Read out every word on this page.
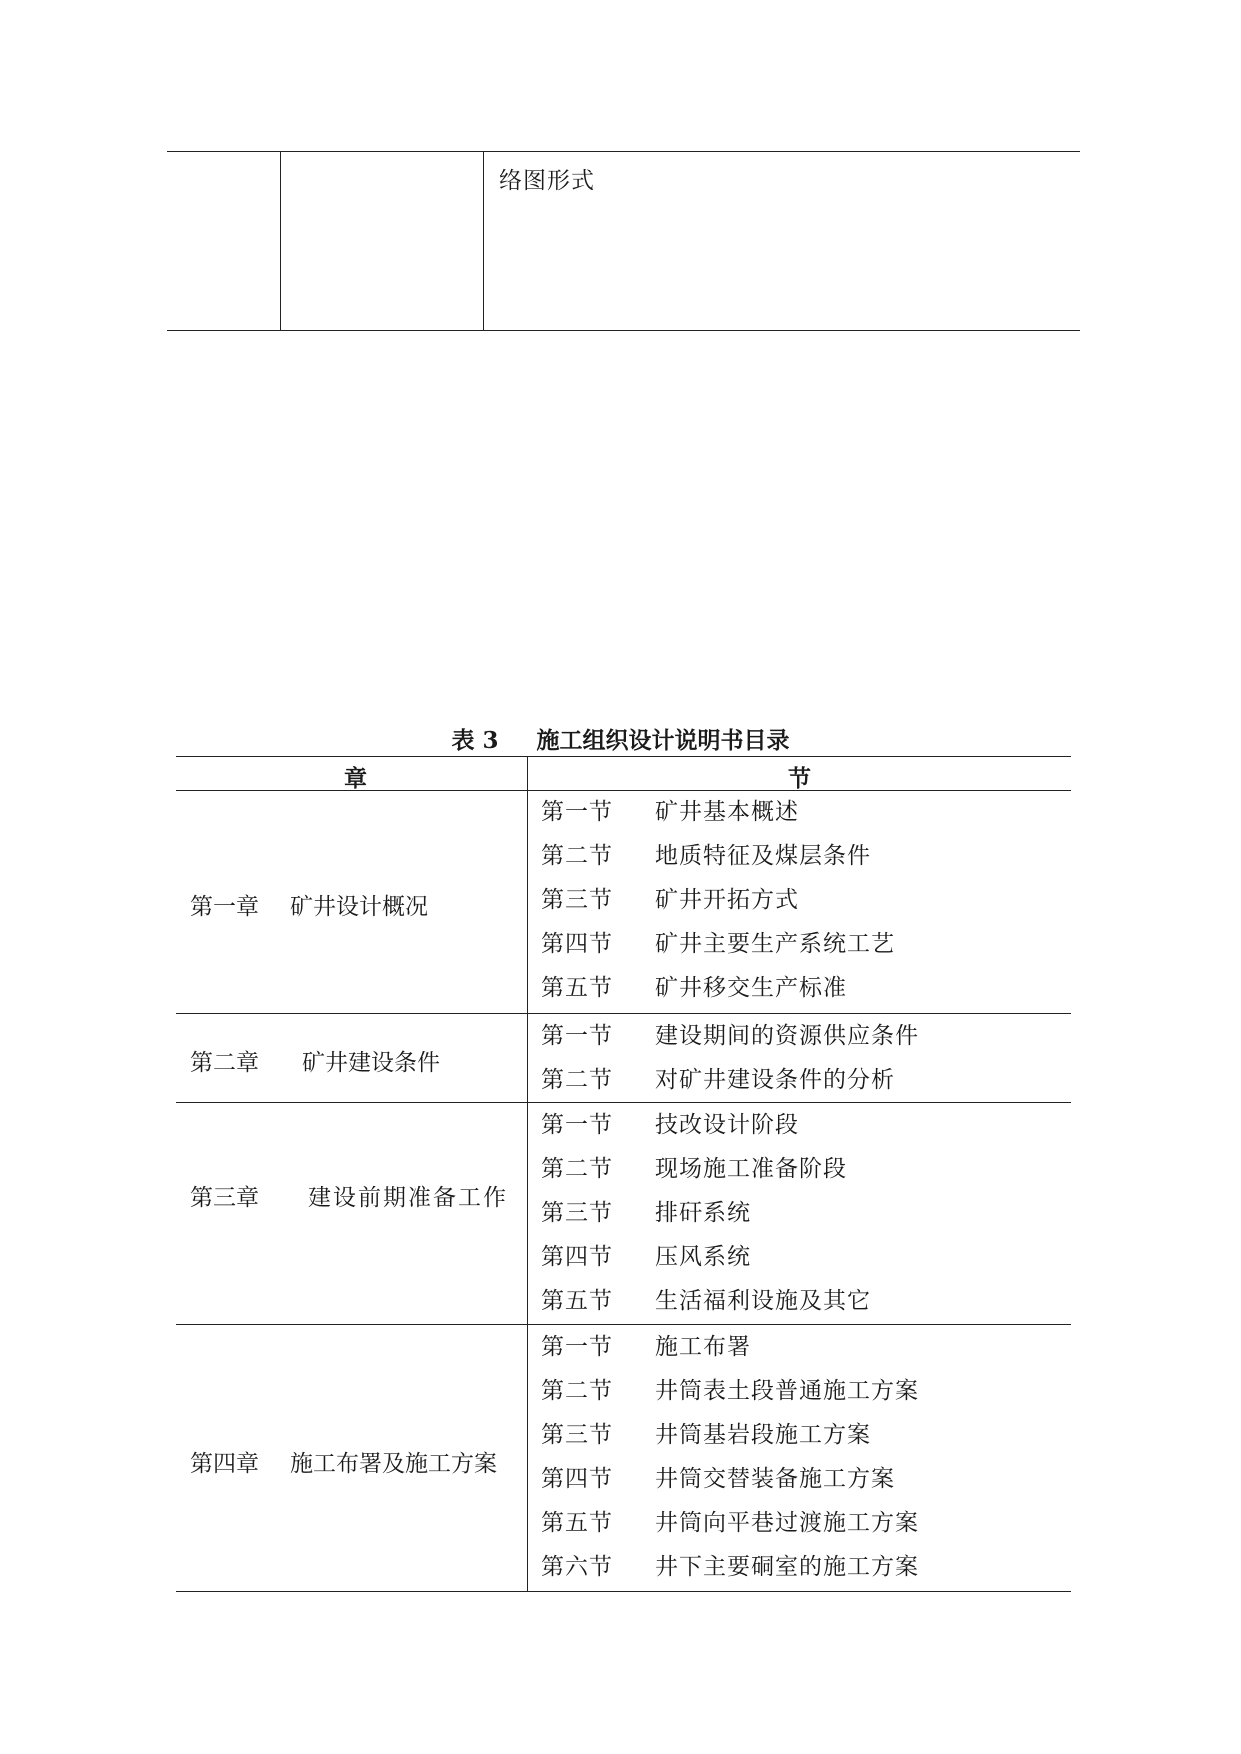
络图形式
表 3 施工组织设计说明书目录
章	节
第一章 矿井设计概况
第一节 矿井基本概述
第二节 地质特征及煤层条件
第三节 矿井开拓方式
第四节 矿井主要生产系统工艺
第五节 矿井移交生产标准
第二章 矿井建设条件
第一节 建设期间的资源供应条件
第二节 对矿井建设条件的分析
第三章 建设前期准备工作
第一节 技改设计阶段
第二节 现场施工准备阶段
第三节 排矸系统
第四节 压风系统
第五节 生活福利设施及其它
第四章 施工布署及施工方案
第一节 施工布署
第二节 井筒表土段普通施工方案
第三节 井筒基岩段施工方案
第四节 井筒交替装备施工方案
第五节 井筒向平巷过渡施工方案
第六节 井下主要硐室的施工方案
